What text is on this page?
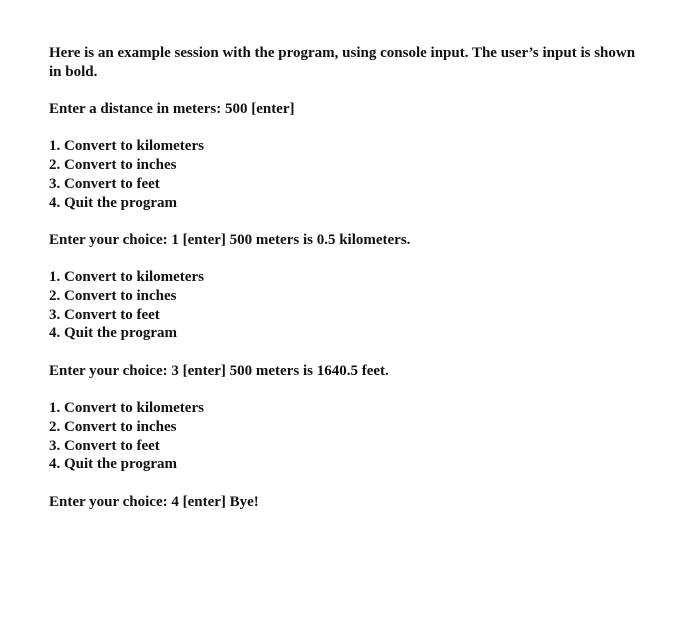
Here is an example session with the program, using console input. The user’s input is shown in bold.

Enter a distance in meters: 500 [enter]

1. Convert to kilometers
2. Convert to inches
3. Convert to feet
4. Quit the program

Enter your choice: 1 [enter] 500 meters is 0.5 kilometers.

1. Convert to kilometers
2. Convert to inches
3. Convert to feet
4. Quit the program

Enter your choice: 3 [enter] 500 meters is 1640.5 feet.

1. Convert to kilometers
2. Convert to inches
3. Convert to feet
4. Quit the program

Enter your choice: 4 [enter] Bye!
